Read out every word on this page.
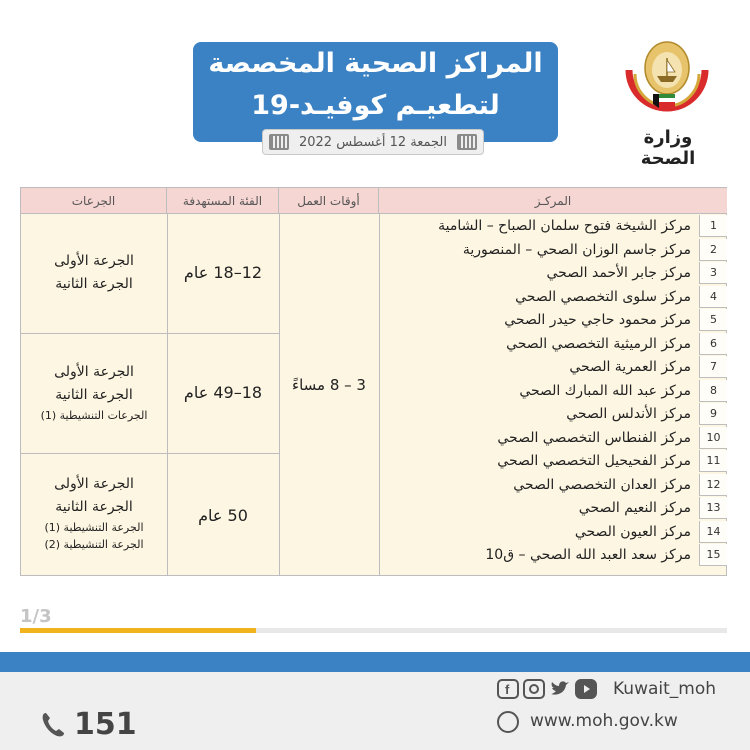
المراكز الصحية المخصصة
لتطعيـم كوفيـد-19
الجمعة 12 أغسطس 2022	وزارة الصحة
المركـز
أوقات العمل
الفئة المستهدفة
الجرعات
1
مركز الشيخة فتوح سلمان الصباح – الشامية
2
مركز جاسم الوزان الصحي – المنصورية
3
مركز جابر الأحمد الصحي
4
مركز سلوى التخصصي الصحي
5
مركز محمود حاجي حيدر الصحي
6
مركز الرميثية التخصصي الصحي
7
مركز العمرية الصحي
8
مركز عبد الله المبارك الصحي
9
مركز الأندلس الصحي
10
مركز الفنطاس التخصصي الصحي
11
مركز الفحيحيل التخصصي الصحي
12
مركز العدان التخصصي الصحي
13
مركز النعيم الصحي
14
مركز العيون الصحي
15
مركز سعد العبد الله الصحي – ق10
3 – 8 مساءً
12–18 عام
18–49 عام
50 عام
الجرعة الأولى
الجرعة الثانية
الجرعة الأولى
الجرعة الثانية
الجرعات التنشيطية (1)
الجرعة الأولى
الجرعة الثانية
الجرعة التنشيطية (1)
الجرعة التنشيطية (2)
1/3
f	Kuwait_moh
www.moh.gov.kw
151
